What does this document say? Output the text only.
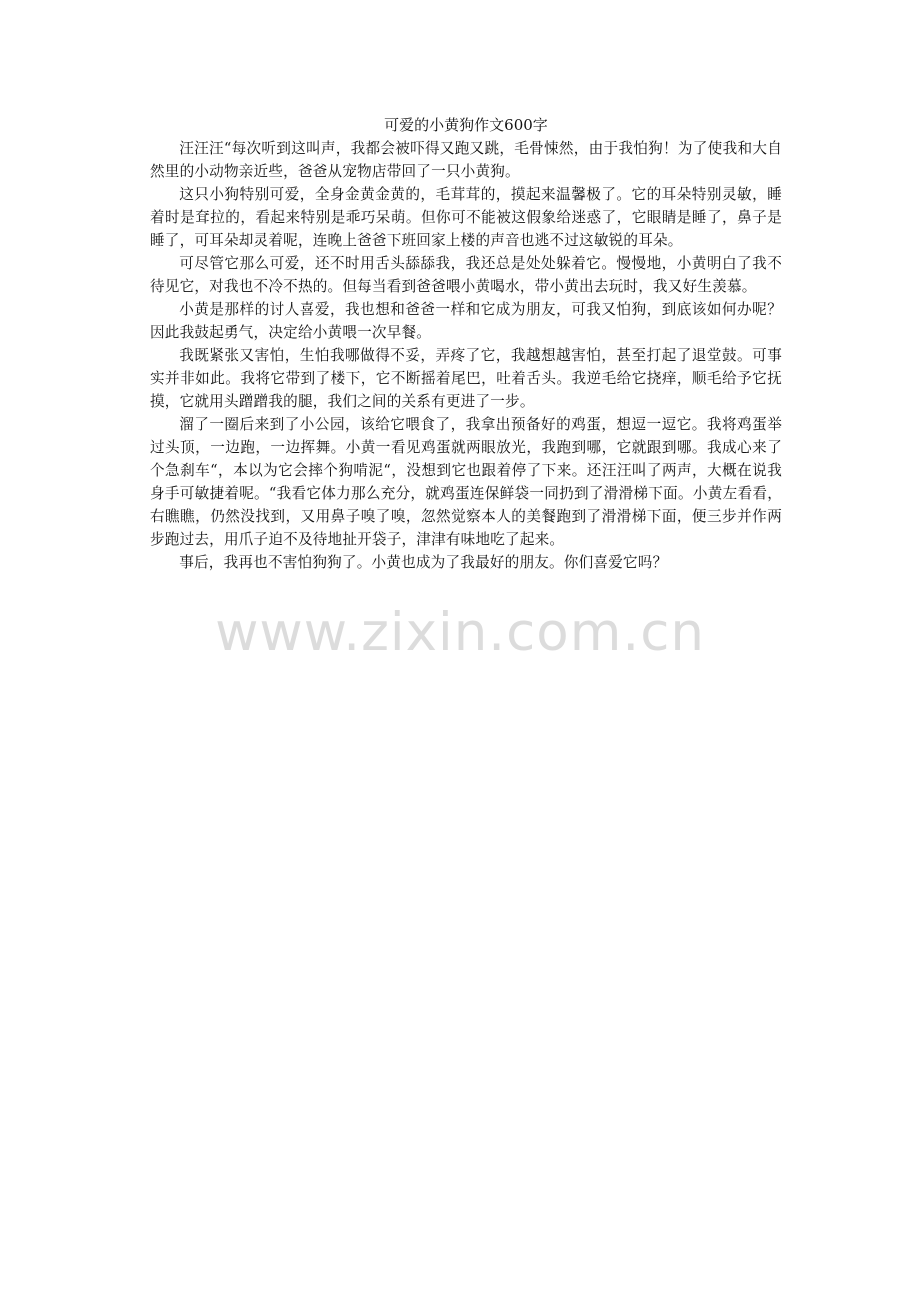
可爱的小黄狗作文600字

汪汪汪“每次听到这叫声，我都会被吓得又跑又跳，毛骨悚然，由于我怕狗！为了使我和大自然里的小动物亲近些，爸爸从宠物店带回了一只小黄狗。

这只小狗特别可爱，全身金黄金黄的，毛茸茸的，摸起来温馨极了。它的耳朵特别灵敏，睡着时是耷拉的，看起来特别是乖巧呆萌。但你可不能被这假象给迷惑了，它眼睛是睡了，鼻子是睡了，可耳朵却灵着呢，连晚上爸爸下班回家上楼的声音也逃不过这敏锐的耳朵。

可尽管它那么可爱，还不时用舌头舔舔我，我还总是处处躲着它。慢慢地，小黄明白了我不待见它，对我也不冷不热的。但每当看到爸爸喂小黄喝水，带小黄出去玩时，我又好生羡慕。

小黄是那样的讨人喜爱，我也想和爸爸一样和它成为朋友，可我又怕狗，到底该如何办呢？因此我鼓起勇气，决定给小黄喂一次早餐。

我既紧张又害怕，生怕我哪做得不妥，弄疼了它，我越想越害怕，甚至打起了退堂鼓。可事实并非如此。我将它带到了楼下，它不断摇着尾巴，吐着舌头。我逆毛给它挠痒，顺毛给予它抚摸，它就用头蹭蹭我的腿，我们之间的关系有更进了一步。

溜了一圈后来到了小公园，该给它喂食了，我拿出预备好的鸡蛋，想逗一逗它。我将鸡蛋举过头顶，一边跑，一边挥舞。小黄一看见鸡蛋就两眼放光，我跑到哪，它就跟到哪。我成心来了个急刹车“，本以为它会摔个狗啃泥“，没想到它也跟着停了下来。还汪汪叫了两声，大概在说我身手可敏捷着呢。“我看它体力那么充分，就鸡蛋连保鲜袋一同扔到了滑滑梯下面。小黄左看看，右瞧瞧，仍然没找到，又用鼻子嗅了嗅，忽然觉察本人的美餐跑到了滑滑梯下面，便三步并作两步跑过去，用爪子迫不及待地扯开袋子，津津有味地吃了起来。

事后，我再也不害怕狗狗了。小黄也成为了我最好的朋友。你们喜爱它吗？

www.zixin.com.cn
